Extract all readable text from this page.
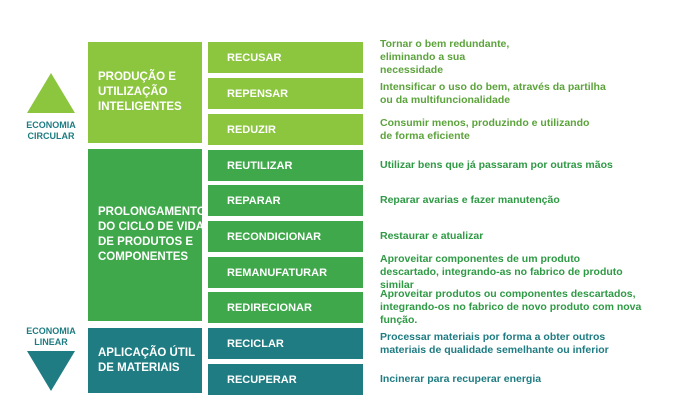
ECONOMIA
CIRCULAR
ECONOMIA
LINEAR
PRODUÇÃO E UTILIZAÇÃO INTELIGENTES
PROLONGAMENTO DO CICLO DE VIDA DE PRODUTOS E COMPONENTES
APLICAÇÃO ÚTIL DE MATERIAIS
RECUSAR
REPENSAR
REDUZIR
REUTILIZAR
REPARAR
RECONDICIONAR
REMANUFATURAR
REDIRECIONAR
RECICLAR
RECUPERAR
Tornar o bem redundante, eliminando a sua necessidade
Intensificar o uso do bem, através da partilha ou da multifuncionalidade
Consumir menos, produzindo e utilizando de forma eficiente
Utilizar bens que já passaram por outras mãos
Reparar avarias e fazer manutenção
Restaurar e atualizar
Aproveitar componentes de um produto descartado, integrando-as no fabrico de produto similar
Aproveitar produtos ou componentes descartados, integrando-os no fabrico de novo produto com nova função.
Processar materiais por forma a obter outros materiais de qualidade semelhante ou inferior
Incinerar para recuperar energia
